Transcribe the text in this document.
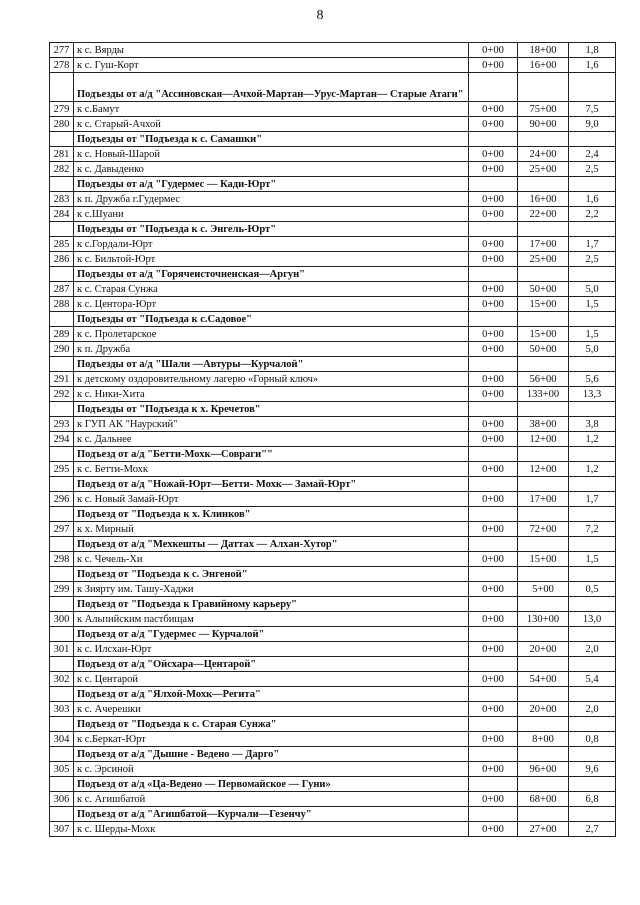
8
277	к с. Вярды	0+00	18+00	1,8
278	к с. Гуш-Корт	0+00	16+00	1,6
	Подъезды от а/д "Ассиновская—Ачхой-Мартан—Урус-Мартан— Старые Атаги"			
279	к с.Бамут	0+00	75+00	7,5
280	к с. Старый-Ачхой	0+00	90+00	9,0
	Подъезды от "Подъезда к с. Самашки"			
281	к с. Новый-Шарой	0+00	24+00	2,4
282	к с. Давыденко	0+00	25+00	2,5
	Подъезды от а/д "Гудермес — Кади-Юрт"			
283	к п. Дружба г.Гудермес	0+00	16+00	1,6
284	к с.Шуани	0+00	22+00	2,2
	Подъезды от "Подъезда к с. Энгель-Юрт"			
285	к с.Гордали-Юрт	0+00	17+00	1,7
286	к с. Бильтой-Юрт	0+00	25+00	2,5
	Подъезды от а/д "Горячеисточненская—Аргун"			
287	к с. Старая Сунжа	0+00	50+00	5,0
288	к с. Центора-Юрт	0+00	15+00	1,5
	Подъезды от "Подъезда к с.Садовое"			
289	к с. Пролетарское	0+00	15+00	1,5
290	к п. Дружба	0+00	50+00	5,0
	Подъезды от а/д "Шали —Автуры—Курчалой"			
291	к детскому оздоровительному лагерю «Горный ключ»	0+00	56+00	5,6
292	к с. Ники-Хита	0+00	133+00	13,3
	Подъезды от "Подъезда к х. Кречетов"			
293	к ГУП АК "Наурский"	0+00	38+00	3,8
294	к с. Дальнее	0+00	12+00	1,2
	Подъезд от а/д "Бетти-Мохк—Совраги""			
295	к с. Бетти-Мохк	0+00	12+00	1,2
	Подъезд от а/д "Ножай-Юрт—Бетти- Мохк— Замай-Юрт"			
296	к с. Новый Замай-Юрт	0+00	17+00	1,7
	Подъезд от "Подъезда к х. Клинков"			
297	к х. Мирный	0+00	72+00	7,2
	Подъезд от а/д "Мехкешты — Даттах — Алхан-Хутор"			
298	к с. Чечель-Хи	0+00	15+00	1,5
	Подъезд от "Подъезда к с. Энгеной"			
299	к Зиярту им. Ташу-Хаджи	0+00	5+00	0,5
	Подъезд от "Подъезда к Гравийному карьеру"			
300	к Альпийским пастбищам	0+00	130+00	13,0
	Подъезд от а/д "Гудермес — Курчалой"			
301	к с. Илсхан-Юрт	0+00	20+00	2,0
	Подъезд от а/д "Ойсхара—Центарой"			
302	к с. Центарой	0+00	54+00	5,4
	Подъезд от а/д "Ялхой-Мохк—Регита"			
303	к с. Ачерешки	0+00	20+00	2,0
	Подъезд от "Подъезда к с. Старая Сунжа"			
304	к с.Беркат-Юрт	0+00	8+00	0,8
	Подъезд от а/д "Дышне - Ведено — Дарго"			
305	к с. Эрсиной	0+00	96+00	9,6
	Подъезд от а/д «Ца-Ведено — Первомайское — Гуни»			
306	к с. Агишбатой	0+00	68+00	6,8
	Подъезд от а/д "Агишбатой—Курчали—Гезенчу"			
307	к с. Шерды-Мохк	0+00	27+00	2,7
